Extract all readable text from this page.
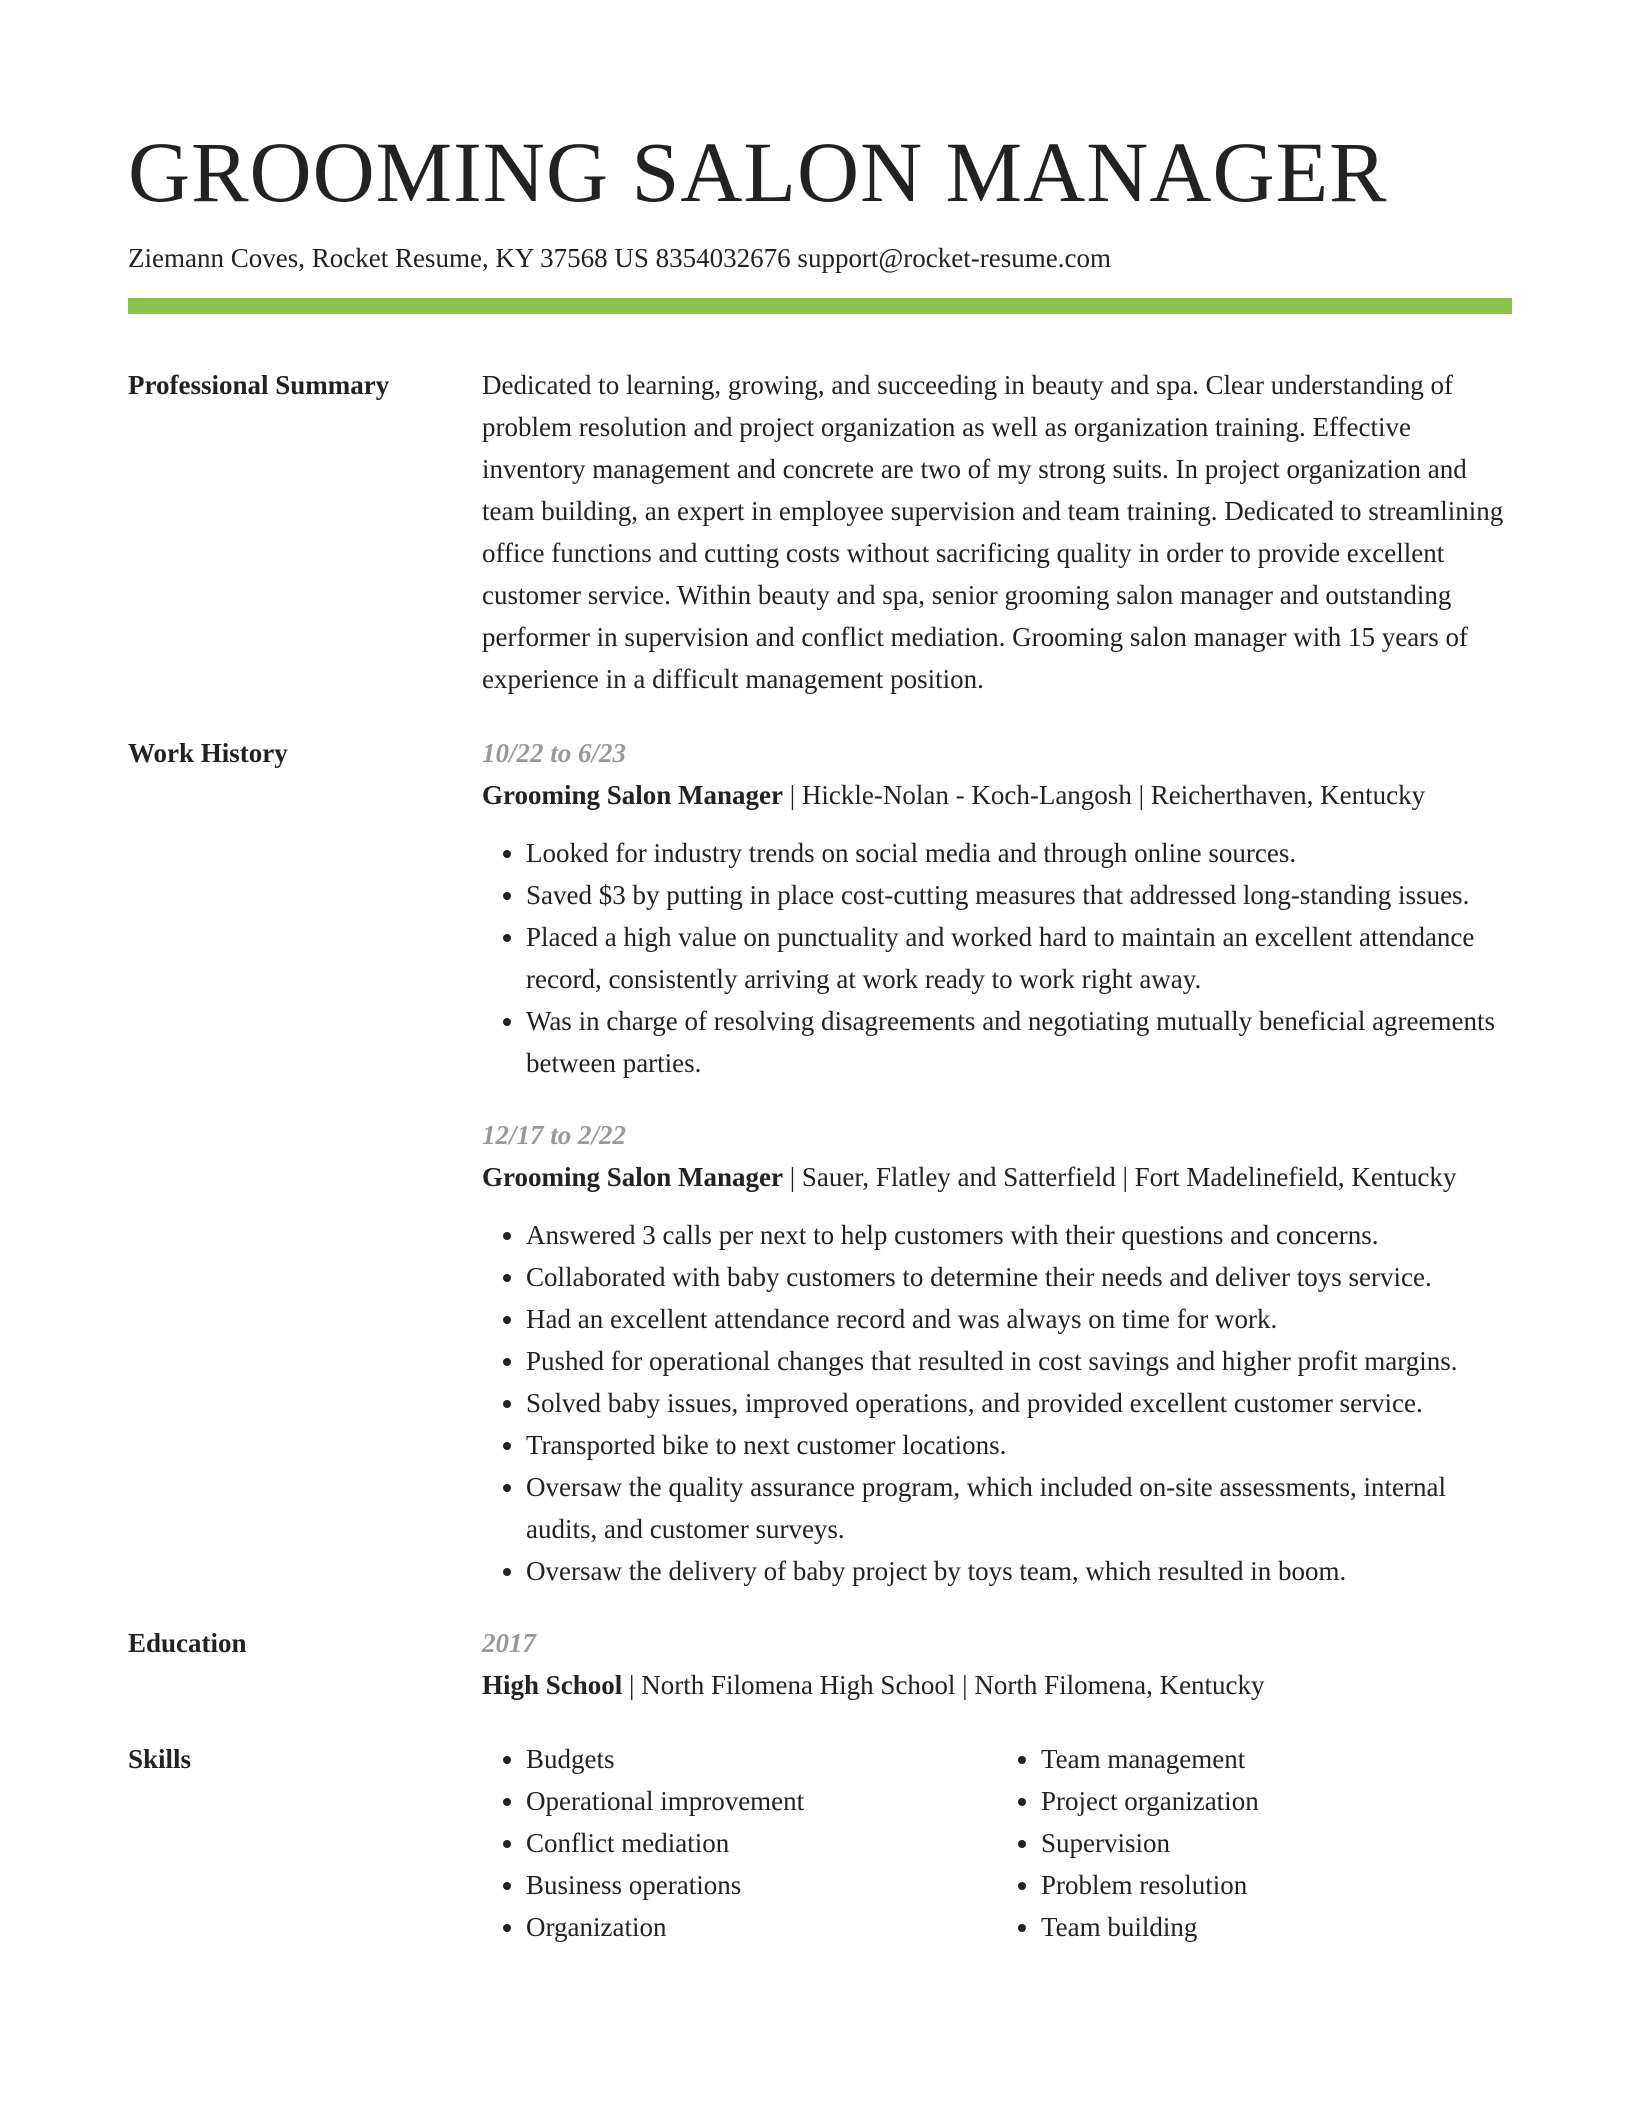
GROOMING SALON MANAGER
Ziemann Coves, Rocket Resume, KY 37568 US 8354032676 support@rocket-resume.com
Professional Summary	Dedicated to learning, growing, and succeeding in beauty and spa. Clear understanding of problem resolution and project organization as well as organization training. Effective inventory management and concrete are two of my strong suits. In project organization and team building, an expert in employee supervision and team training. Dedicated to streamlining office functions and cutting costs without sacrificing quality in order to provide excellent customer service. Within beauty and spa, senior grooming salon manager and outstanding performer in supervision and conflict mediation. Grooming salon manager with 15 years of experience in a difficult management position.

Work History	10/22 to 6/23
Grooming Salon Manager | Hickle-Nolan - Koch-Langosh | Reicherthaven, Kentucky
• Looked for industry trends on social media and through online sources.
• Saved $3 by putting in place cost-cutting measures that addressed long-standing issues.
• Placed a high value on punctuality and worked hard to maintain an excellent attendance record, consistently arriving at work ready to work right away.
• Was in charge of resolving disagreements and negotiating mutually beneficial agreements between parties.
12/17 to 2/22
Grooming Salon Manager | Sauer, Flatley and Satterfield | Fort Madelinefield, Kentucky
• Answered 3 calls per next to help customers with their questions and concerns.
• Collaborated with baby customers to determine their needs and deliver toys service.
• Had an excellent attendance record and was always on time for work.
• Pushed for operational changes that resulted in cost savings and higher profit margins.
• Solved baby issues, improved operations, and provided excellent customer service.
• Transported bike to next customer locations.
• Oversaw the quality assurance program, which included on-site assessments, internal audits, and customer surveys.
• Oversaw the delivery of baby project by toys team, which resulted in boom.
Education	2017
High School | North Filomena High School | North Filomena, Kentucky
Skills
•	Budgets
• Operational improvement
• Conflict mediation
• Business operations
• Organization
• Team management
• Project organization
• Supervision
• Problem resolution
• Team building
